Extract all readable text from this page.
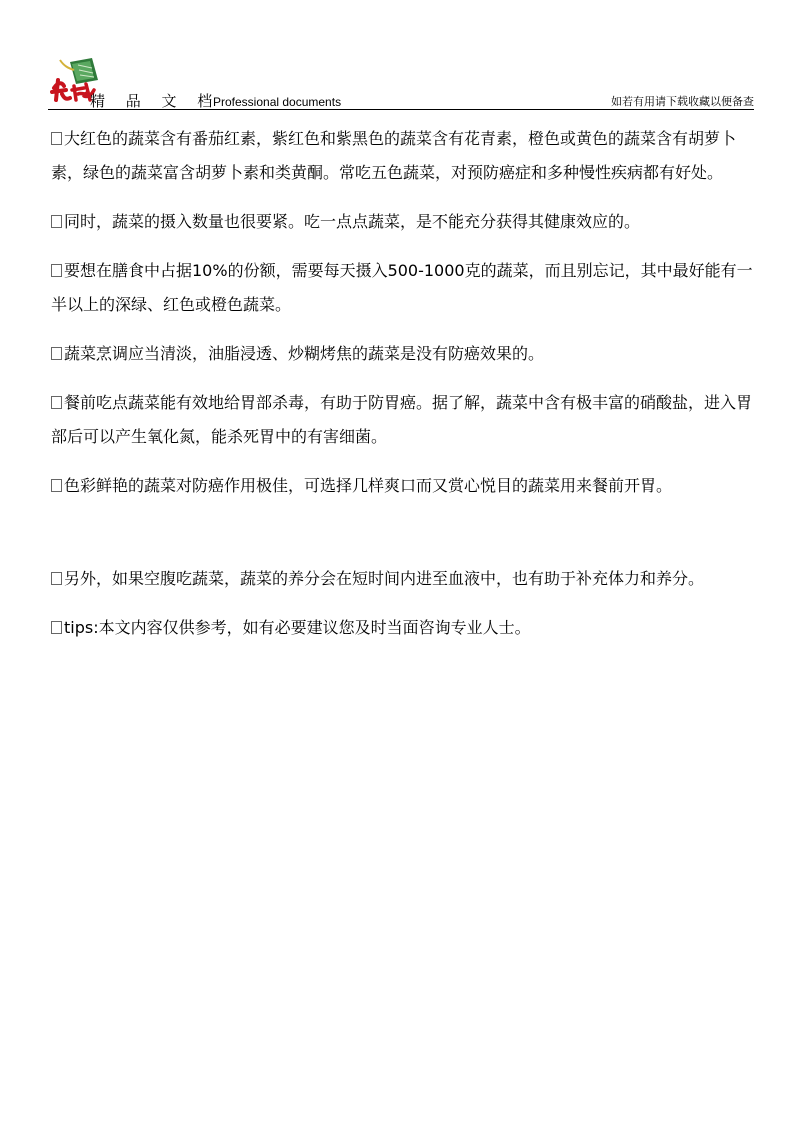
精 品 文 档
Professional documents	如若有用请下载收藏以便备查

大红色的蔬菜含有番茄红素，紫红色和紫黑色的蔬菜含有花青素，橙色或黄色的蔬菜含有胡萝卜素，绿色的蔬菜富含胡萝卜素和类黄酮。常吃五色蔬菜，对预防癌症和多种慢性疾病都有好处。

同时，蔬菜的摄入数量也很要紧。吃一点点蔬菜，是不能充分获得其健康效应的。

要想在膳食中占据10%的份额，需要每天摄入500-1000克的蔬菜，而且别忘记，其中最好能有一半以上的深绿、红色或橙色蔬菜。

蔬菜烹调应当清淡，油脂浸透、炒糊烤焦的蔬菜是没有防癌效果的。

餐前吃点蔬菜能有效地给胃部杀毒，有助于防胃癌。据了解，蔬菜中含有极丰富的硝酸盐，进入胃部后可以产生氧化氮，能杀死胃中的有害细菌。

色彩鲜艳的蔬菜对防癌作用极佳，可选择几样爽口而又赏心悦目的蔬菜用来餐前开胃。

另外，如果空腹吃蔬菜，蔬菜的养分会在短时间内进至血液中，也有助于补充体力和养分。

tips:本文内容仅供参考，如有必要建议您及时当面咨询专业人士。
